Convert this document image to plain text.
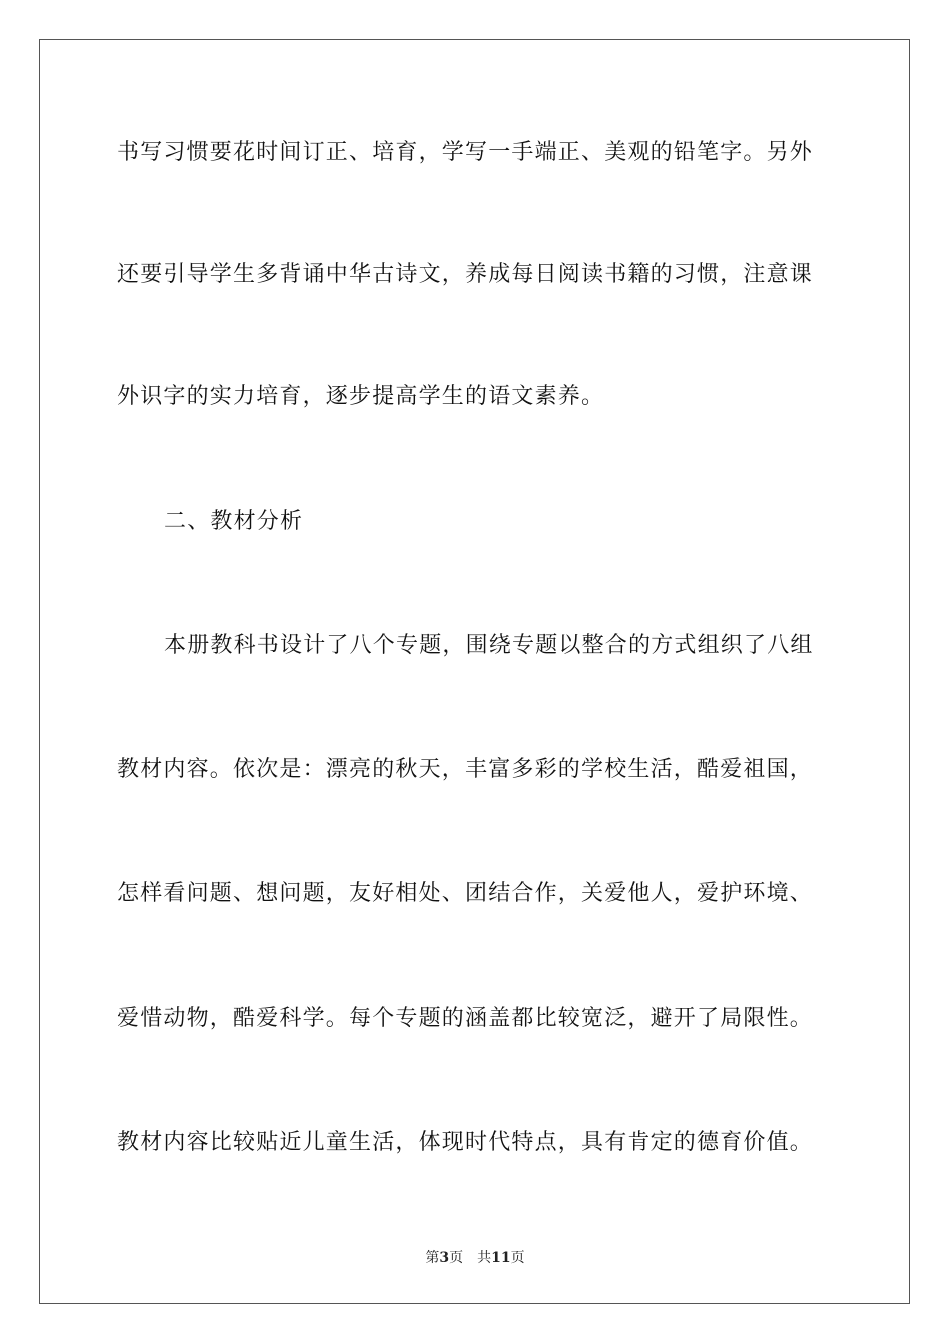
书写习惯要花时间订正、培育，学写一手端正、美观的铅笔字。另外
还要引导学生多背诵中华古诗文，养成每日阅读书籍的习惯，注意课
外识字的实力培育，逐步提高学生的语文素养。
二、教材分析
本册教科书设计了八个专题，围绕专题以整合的方式组织了八组
教材内容。依次是：漂亮的秋天，丰富多彩的学校生活，酷爱祖国，
怎样看问题、想问题，友好相处、团结合作，关爱他人，爱护环境、
爱惜动物，酷爱科学。每个专题的涵盖都比较宽泛，避开了局限性。
教材内容比较贴近儿童生活，体现时代特点，具有肯定的德育价值。
第3页 共11页
